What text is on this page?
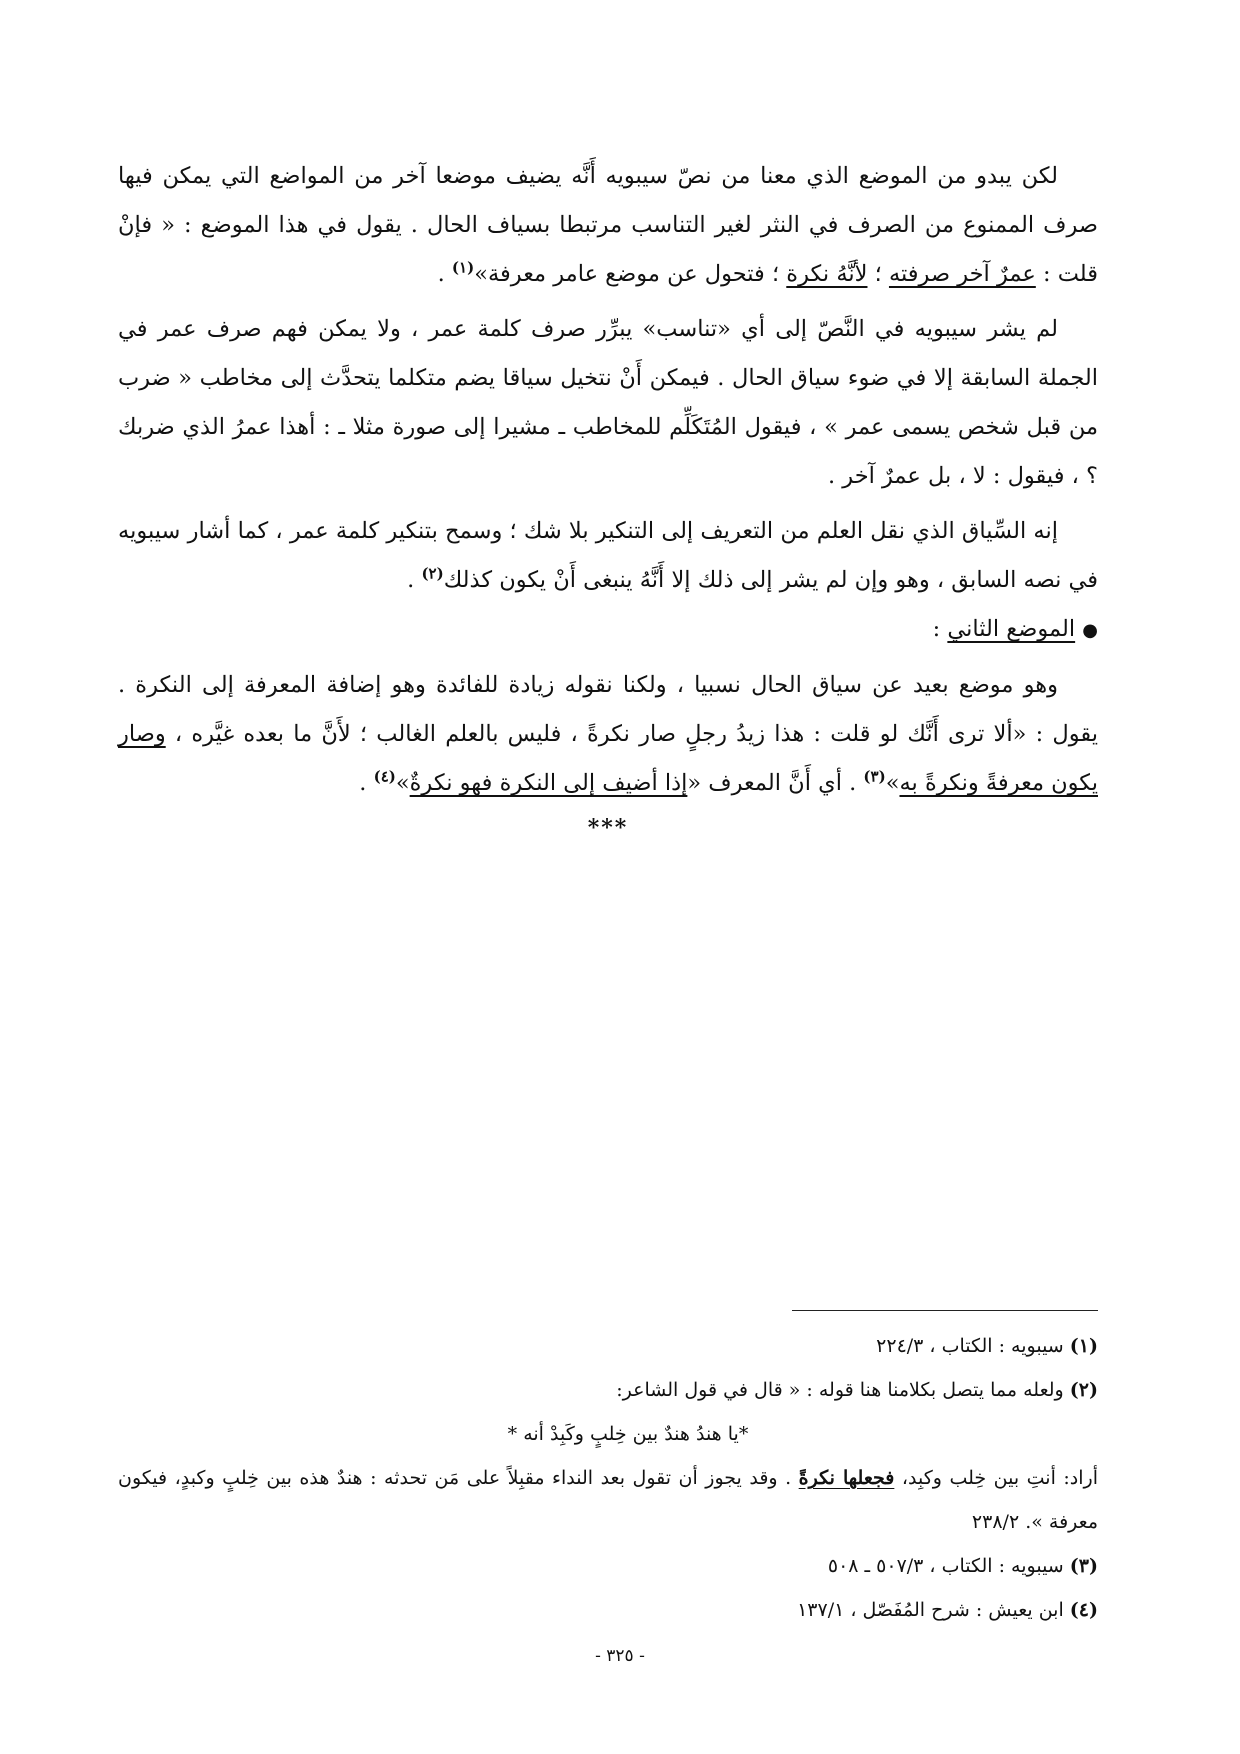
لكن يبدو من الموضع الذي معنا من نصّ سيبويه أَنَّه يضيف موضعا آخر من المواضع التي يمكن فيها صرف الممنوع من الصرف في النثر لغير التناسب مرتبطا بسياف الحال . يقول في هذا الموضع : « فإنْ قلت : عمرٌ آخر صرفته ؛ لأنَّهُ نكرة ؛ فتحول عن موضع عامر معرفة»$^{(١)}$ .

لم يشر سيبويه في النَّصّ إلى أي «تناسب» يبرِّر صرف كلمة عمر ، ولا يمكن فهم صرف عمر في الجملة السابقة إلا في ضوء سياق الحال . فيمكن أَنْ نتخيل سياقا يضم متكلما يتحدَّث إلى مخاطب « ضرب من قبل شخص يسمى عمر » ، فيقول المُتَكَلِّم للمخاطب ـ مشيرا إلى صورة مثلا ـ : أهذا عمرُ الذي ضربك ؟ ، فيقول : لا ، بل عمرٌ آخر .

إنه السِّياق الذي نقل العلم من التعريف إلى التنكير بلا شك ؛ وسمح بتنكير كلمة عمر ، كما أشار سيبويه في نصه السابق ، وهو وإن لم يشر إلى ذلك إلا أَنَّهُ ينبغى أَنْ يكون كذلك$^{(٢)}$ .

● الموضع الثاني :

وهو موضع بعيد عن سياق الحال نسبيا ، ولكنا نقوله زيادة للفائدة وهو إضافة المعرفة إلى النكرة . يقول : «ألا ترى أَنَّك لو قلت : هذا زيدُ رجلٍ صار نكرةً ، فليس بالعلم الغالب ؛ لأَنَّ ما بعده غيَّره ، وصار يكون معرفةً ونكرةً به»$^{(٣)}$ . أي أَنَّ المعرف «إذا أضيف إلى النكرة فهو نكرةٌ»$^{(٤)}$ .

***

(١) سيبويه : الكتاب ، ٢٢٤/٣

(٢) ولعله مما يتصل بكلامنا هنا قوله : « قال في قول الشاعر:

*يا هندُ هندٌ بين خِلبٍ وكَبِدْ أنه *

أراد: أنتِ بين خِلب وكبِد، فجعلها نكرةً . وقد يجوز أن تقول بعد النداء مقبِلاً على مَن تحدثه : هندٌ هذه بين خِلبٍ وكبدٍ، فيكون معرفة ». ٢٣٨/٢

(٣) سيبويه : الكتاب ، ٥٠٧/٣ ـ ٥٠٨

(٤) ابن يعيش : شرح المُفَصّل ، ١٣٧/١

- ٣٢٥ -
